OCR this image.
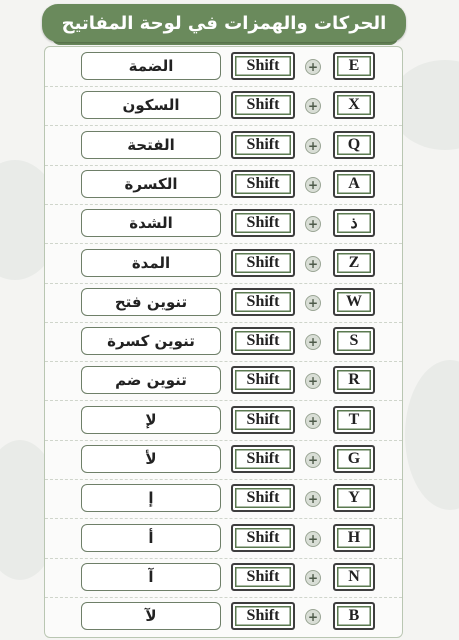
الحركات والهمزات في لوحة المفاتيح
الضمة	Shift	+	E
السكون	Shift	+	X
الفتحة	Shift	+	Q
الكسرة	Shift	+	A
الشدة	Shift	+	ذ
المدة	Shift	+	Z
تنوين فتح	Shift	+	W
تنوين كسرة	Shift	+	S
تنوين ضم	Shift	+	R
لإ	Shift	+	T
لأ	Shift	+	G
إ	Shift	+	Y
أ	Shift	+	H
آ	Shift	+	N
لآ	Shift	+	B
